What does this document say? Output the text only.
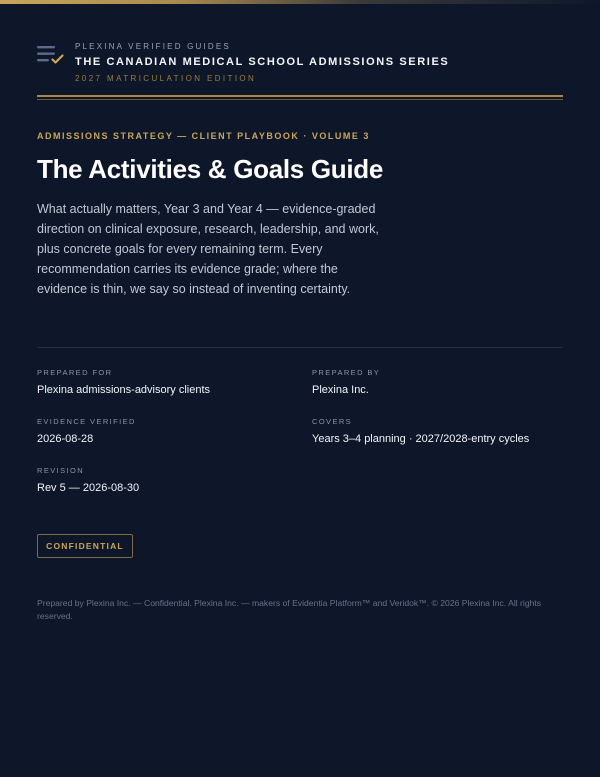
PLEXINA VERIFIED GUIDES
THE CANADIAN MEDICAL SCHOOL ADMISSIONS SERIES
2027 MATRICULATION EDITION
ADMISSIONS STRATEGY — CLIENT PLAYBOOK · VOLUME 3
The Activities & Goals Guide

What actually matters, Year 3 and Year 4 — evidence-graded direction on clinical exposure, research, leadership, and work, plus concrete goals for every remaining term. Every recommendation carries its evidence grade; where the evidence is thin, we say so instead of inventing certainty.

PREPARED FOR
Plexina admissions-advisory clients
PREPARED BY
Plexina Inc.
EVIDENCE VERIFIED
2026-08-28
COVERS
Years 3–4 planning · 2027/2028-entry cycles
REVISION
Rev 5 — 2026-08-30
CONFIDENTIAL

Prepared by Plexina Inc. — Confidential. Plexina Inc. — makers of Evidentia Platform™ and Veridok™. © 2026 Plexina Inc. All rights reserved.
